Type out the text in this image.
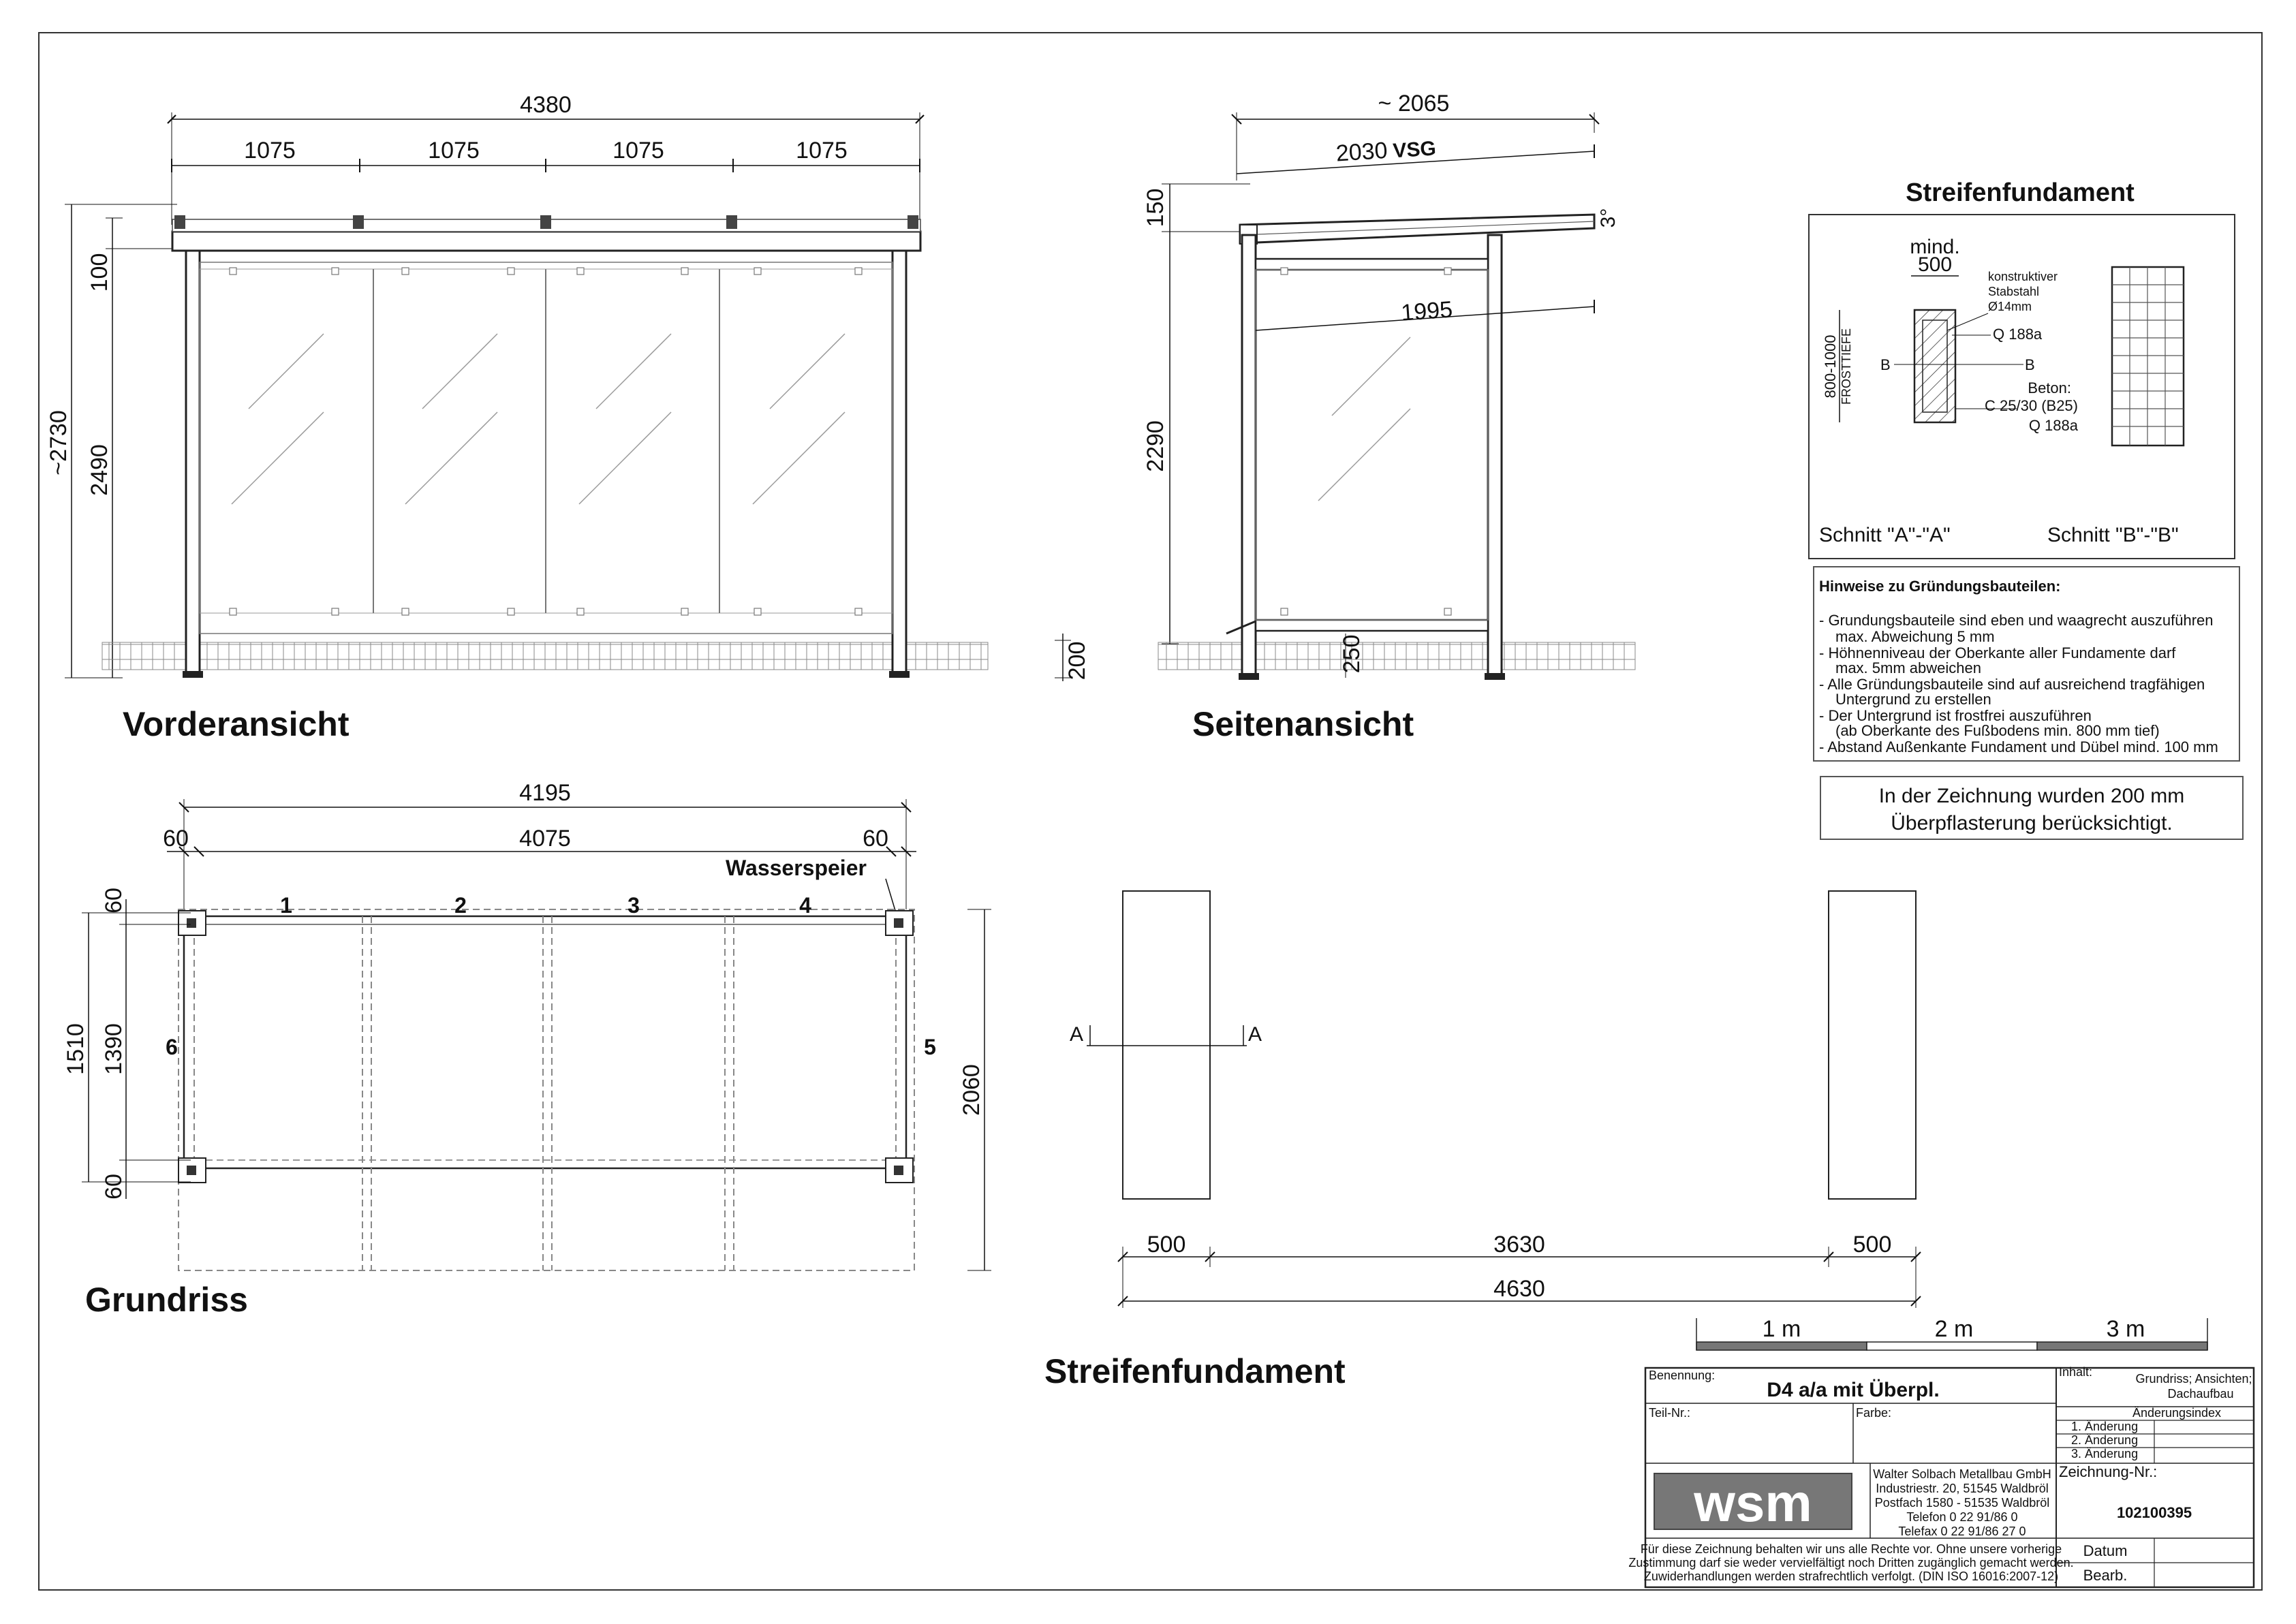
4380
1075	1075	1075	1075
~2730
100
2490
Vorderansicht
~ 2065
2030 VSG
150
2290
200
3°
1995
250
Seitenansicht
Streifenfundament
mind.
500
konstruktiver
Stabstahl
Ø14mm
Q 188a
B	B
Beton:
C 25/30 (B25)
Q 188a
800-1000 FROSTTIEFE
Schnitt "A"-"A"	Schnitt "B"-"B"
Hinweise zu Gründungsbauteilen:
- Grundungsbauteile sind eben und waagrecht auszuführen
max. Abweichung 5 mm
- Höhnenniveau der Oberkante aller Fundamente darf
max. 5mm abweichen
- Alle Gründungsbauteile sind auf ausreichend tragfähigen
Untergrund zu erstellen
- Der Untergrund ist frostfrei auszuführen
(ab Oberkante des Fußbodens min. 800 mm tief)
- Abstand Außenkante Fundament und Dübel mind. 100 mm
In der Zeichnung wurden 200 mm
Überpflasterung berücksichtigt.
4195
60	4075	60
Wasserspeier
1	2	3	4
6	5
60
1510 1390
60
2060
Grundriss
A	A
500	3630	500
4630
Streifenfundament
1 m	2 m	3 m
Benennung:
D4 a/a mit Überpl.
Inhalt:	Grundriss; Ansichten;
Dachaufbau
Teil-Nr.:	Farbe:	Änderungsindex
1. Änderung
2. Änderung
3. Änderung
wsm	Walter Solbach Metallbau GmbH
Industriestr. 20, 51545 Waldbröl
Postfach 1580 - 51535 Waldbröl
Telefon 0 22 91/86 0
Telefax 0 22 91/86 27 0
Zeichnung-Nr.:
102100395
Für diese Zeichnung behalten wir uns alle Rechte vor. Ohne unsere vorherige
Zustimmung darf sie weder vervielfältigt noch Dritten zugänglich gemacht werden.
Zuwiderhandlungen werden strafrechtlich verfolgt. (DIN ISO 16016:2007-12)
Datum
Bearb.
